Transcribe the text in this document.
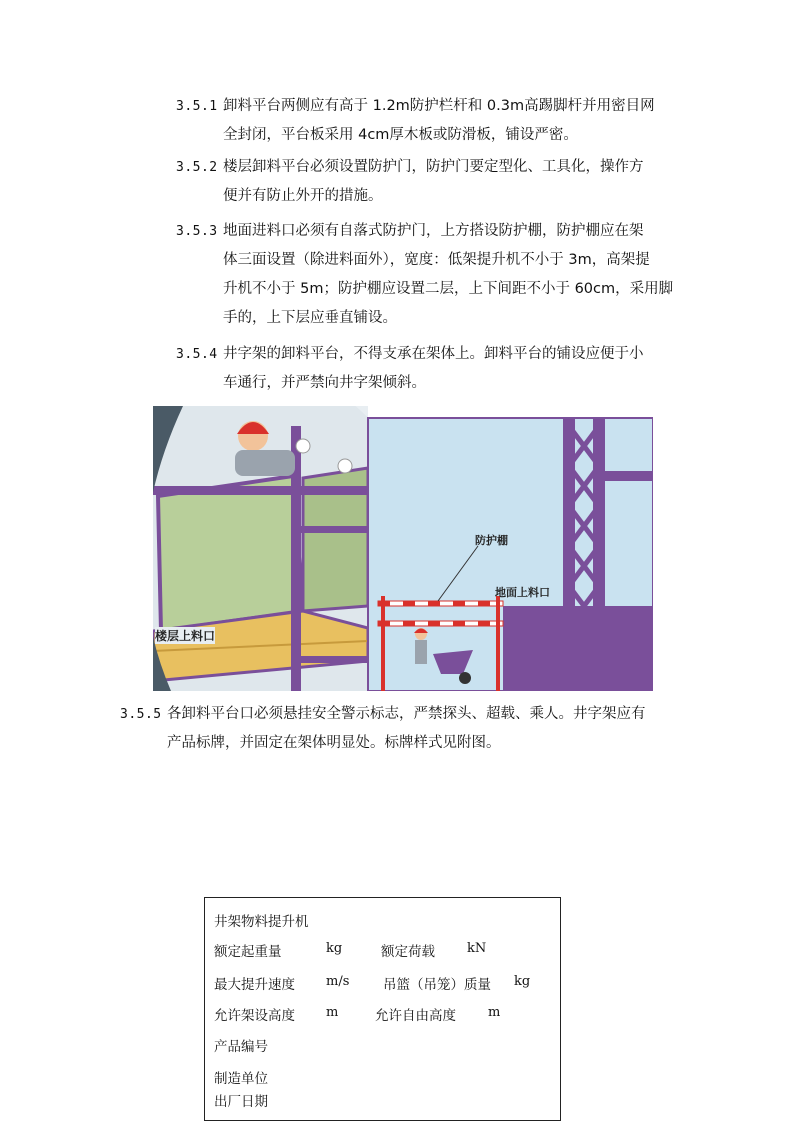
3.5.1 卸料平台两侧应有高于 1.2m防护栏杆和 0.3m高踢脚杆并用密目网
全封闭，平台板采用 4cm厚木板或防滑板，铺设严密。
3.5.2 楼层卸料平台必须设置防护门，防护门要定型化、工具化，操作方
便并有防止外开的措施。
3.5.3 地面进料口必须有自落式防护门，上方搭设防护棚，防护棚应在架
体三面设置（除进料面外），宽度：低架提升机不小于 3m，高架提
升机不小于 5m；防护棚应设置二层，上下间距不小于 60cm，采用脚
手的，上下层应垂直铺设。
3.5.4 井字架的卸料平台，不得支承在架体上。卸料平台的铺设应便于小
车通行，并严禁向井字架倾斜。
楼层上料口
防护棚
地面上料口
3.5.5 各卸料平台口必须悬挂安全警示标志，严禁探头、超载、乘人。井字架应有
产品标牌，并固定在架体明显处。标牌样式见附图。
井架物料提升机
额定起重量	kg	额定荷载 kN
最大提升速度 m/s 吊篮（吊笼）质量 kg
允许架设高度 m	允许自由高度 m
产品编号
制造单位
出厂日期
